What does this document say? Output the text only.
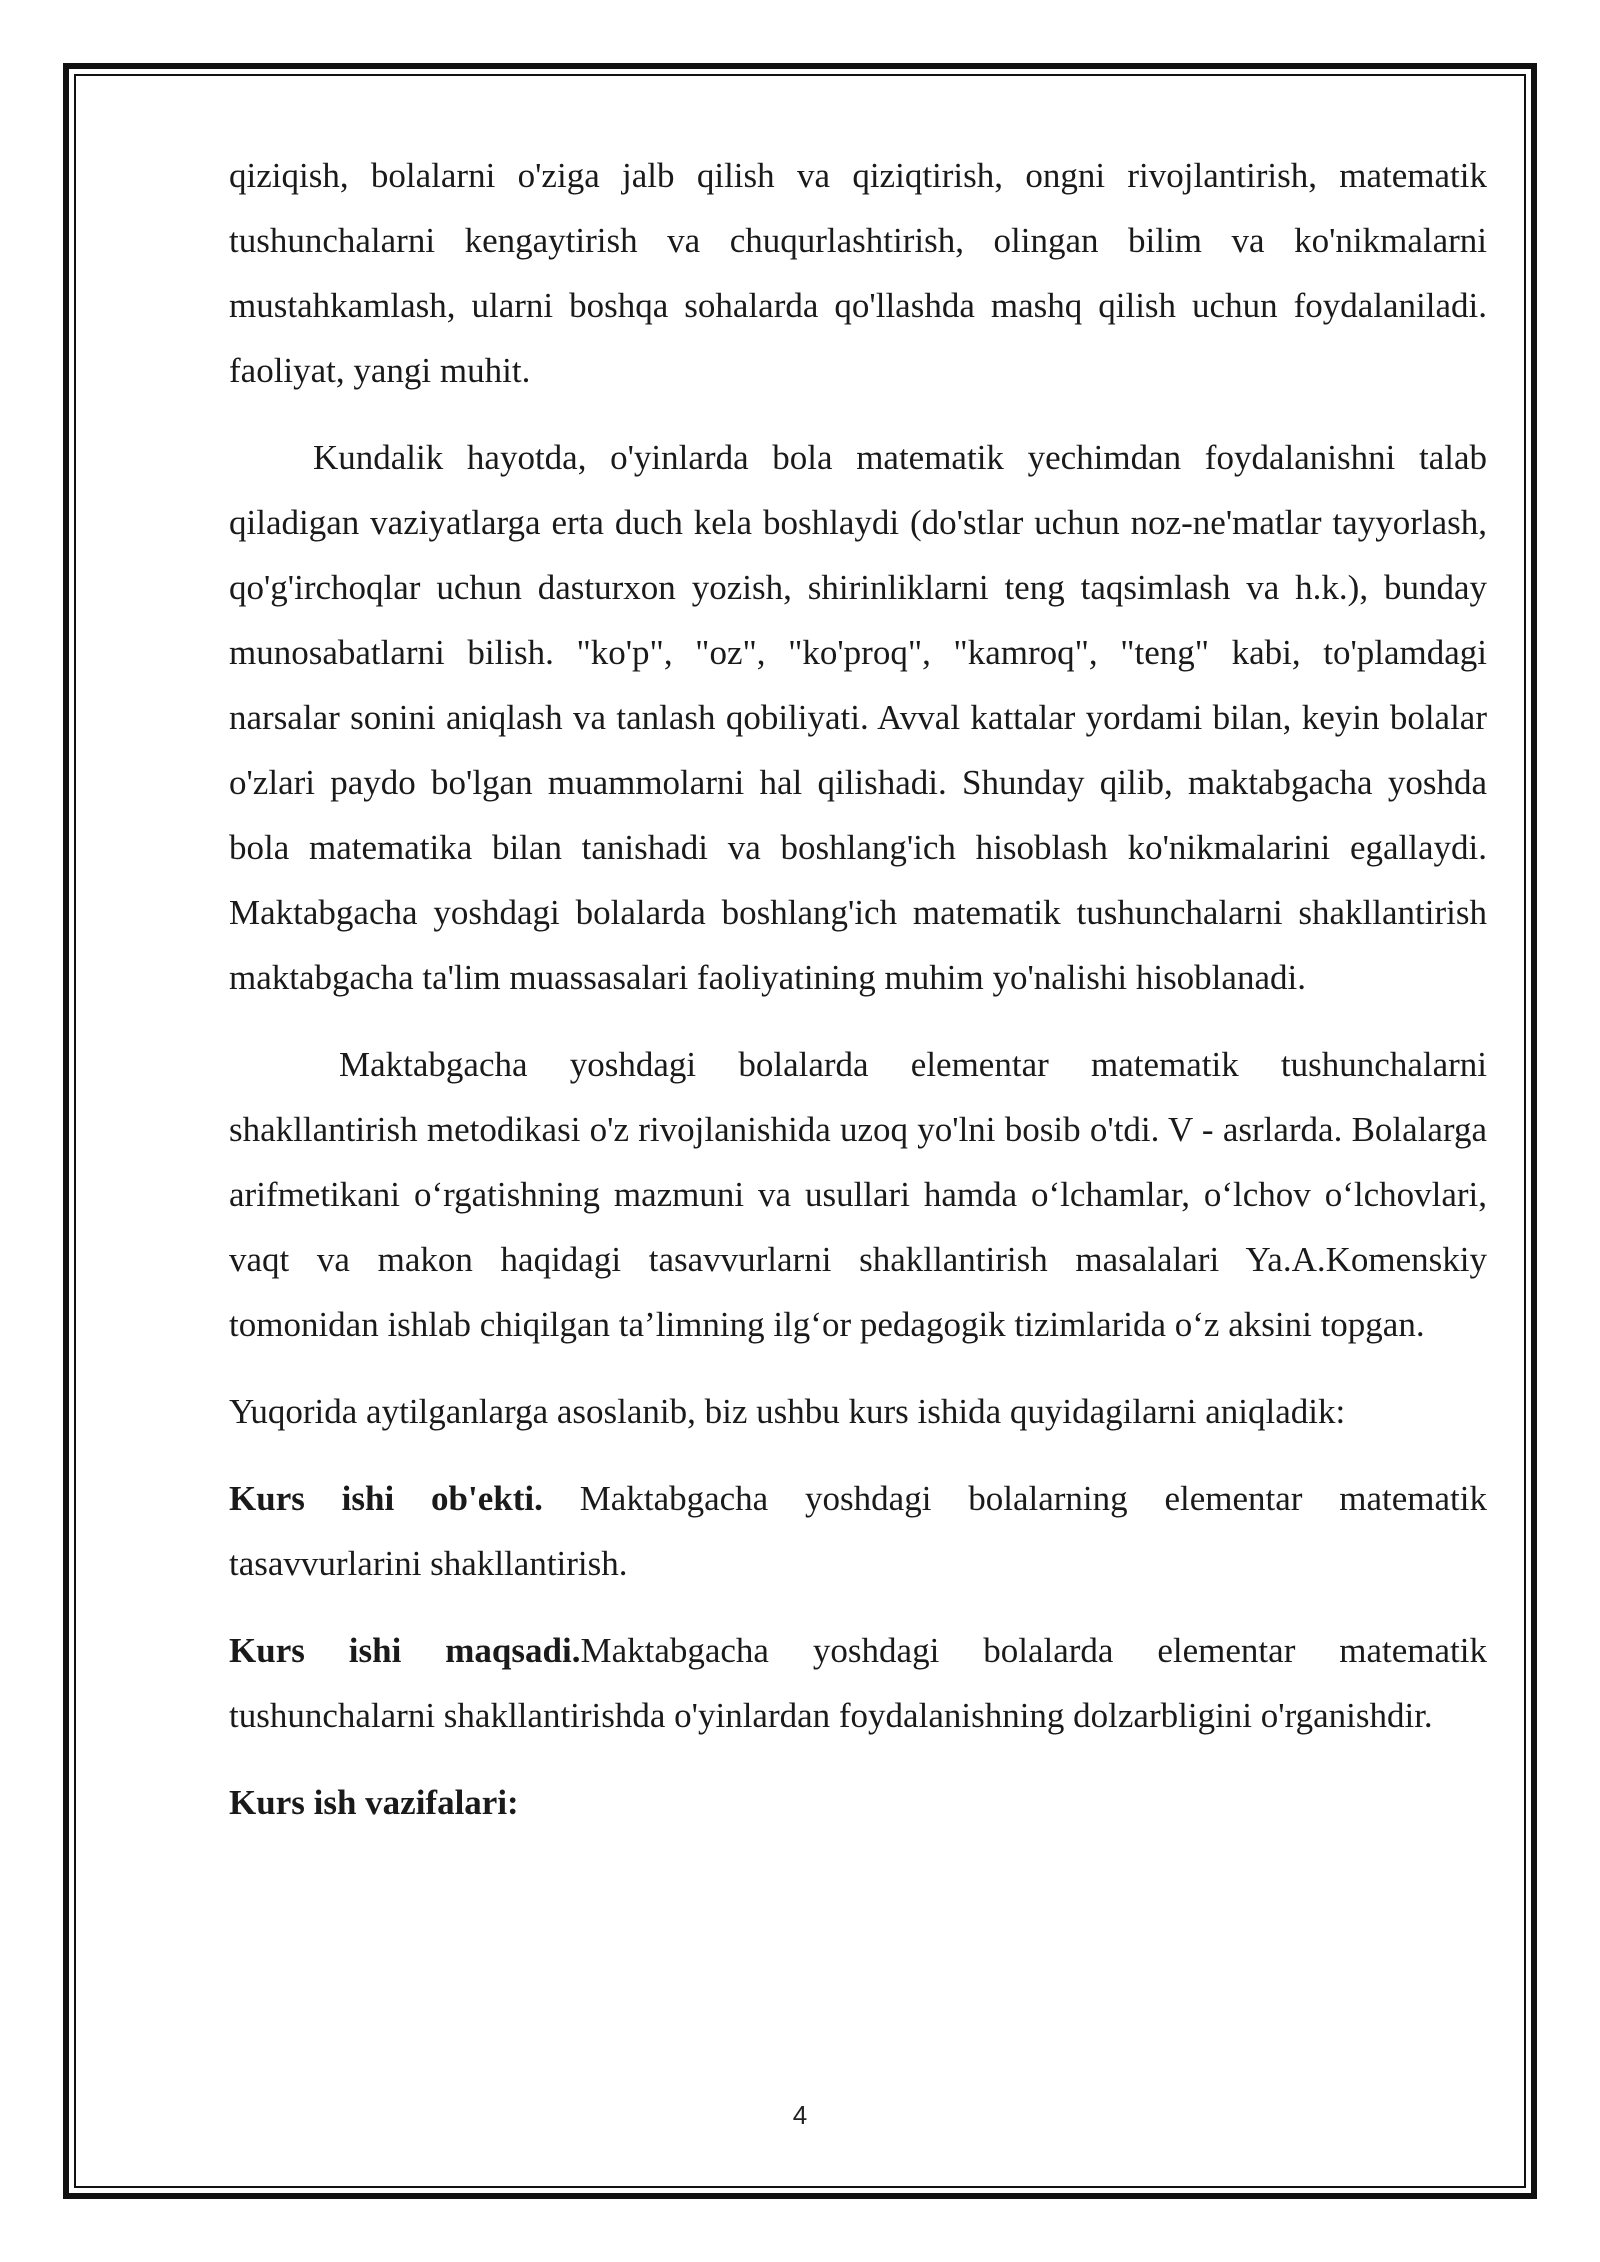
qiziqish, bolalarni o'ziga jalb qilish va qiziqtirish, ongni rivojlantirish, matematik tushunchalarni kengaytirish va chuqurlashtirish, olingan bilim va ko'nikmalarni mustahkamlash, ularni boshqa sohalarda qo'llashda mashq qilish uchun foydalaniladi. faoliyat, yangi muhit.

Kundalik hayotda, o'yinlarda bola matematik yechimdan foydalanishni talab qiladigan vaziyatlarga erta duch kela boshlaydi (do'stlar uchun noz-ne'matlar tayyorlash, qo'g'irchoqlar uchun dasturxon yozish, shirinliklarni teng taqsimlash va h.k.), bunday munosabatlarni bilish. "ko'p", "oz", "ko'proq", "kamroq", "teng" kabi, to'plamdagi narsalar sonini aniqlash va tanlash qobiliyati. Avval kattalar yordami bilan, keyin bolalar o'zlari paydo bo'lgan muammolarni hal qilishadi. Shunday qilib, maktabgacha yoshda bola matematika bilan tanishadi va boshlang'ich hisoblash ko'nikmalarini egallaydi. Maktabgacha yoshdagi bolalarda boshlang'ich matematik tushunchalarni shakllantirish maktabgacha ta'lim muassasalari faoliyatining muhim yo'nalishi hisoblanadi.

Maktabgacha yoshdagi bolalarda elementar matematik tushunchalarni shakllantirish metodikasi o'z rivojlanishida uzoq yo'lni bosib o'tdi. V - asrlarda. Bolalarga arifmetikani o‘rgatishning mazmuni va usullari hamda o‘lchamlar, o‘lchov o‘lchovlari, vaqt va makon haqidagi tasavvurlarni shakllantirish masalalari Ya.A.Komenskiy tomonidan ishlab chiqilgan ta’limning ilg‘or pedagogik tizimlarida o‘z aksini topgan.

Yuqorida aytilganlarga asoslanib, biz ushbu kurs ishida quyidagilarni aniqladik:

Kurs ishi ob'ekti. Maktabgacha yoshdagi bolalarning elementar matematik tasavvurlarini shakllantirish.

Kurs ishi maqsadi.Maktabgacha yoshdagi bolalarda elementar matematik tushunchalarni shakllantirishda o'yinlardan foydalanishning dolzarbligini o'rganishdir.

Kurs ish vazifalari:

4
